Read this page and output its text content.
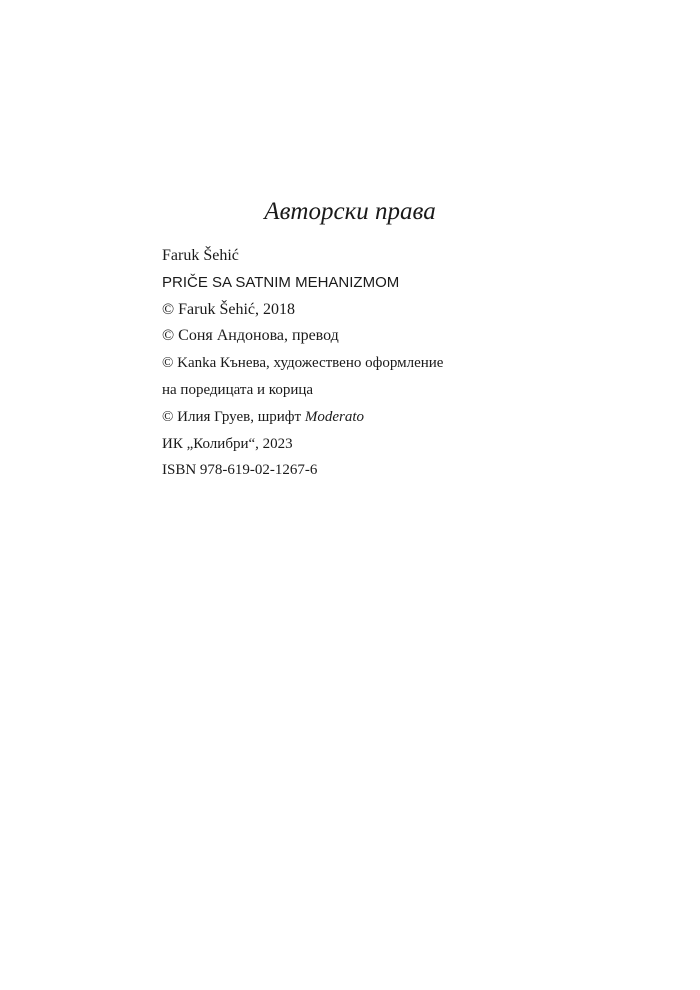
Авторски права
Faruk Šehić
PRIČE SA SATNIM MEHANIZMOM
© Faruk Šehić, 2018
© Соня Андонова, превод
© Kanka Кънева, художествено оформление
на поредицата и корица
© Илия Груев, шрифт Moderato
ИК „Колибри“, 2023
ISBN 978-619-02-1267-6
